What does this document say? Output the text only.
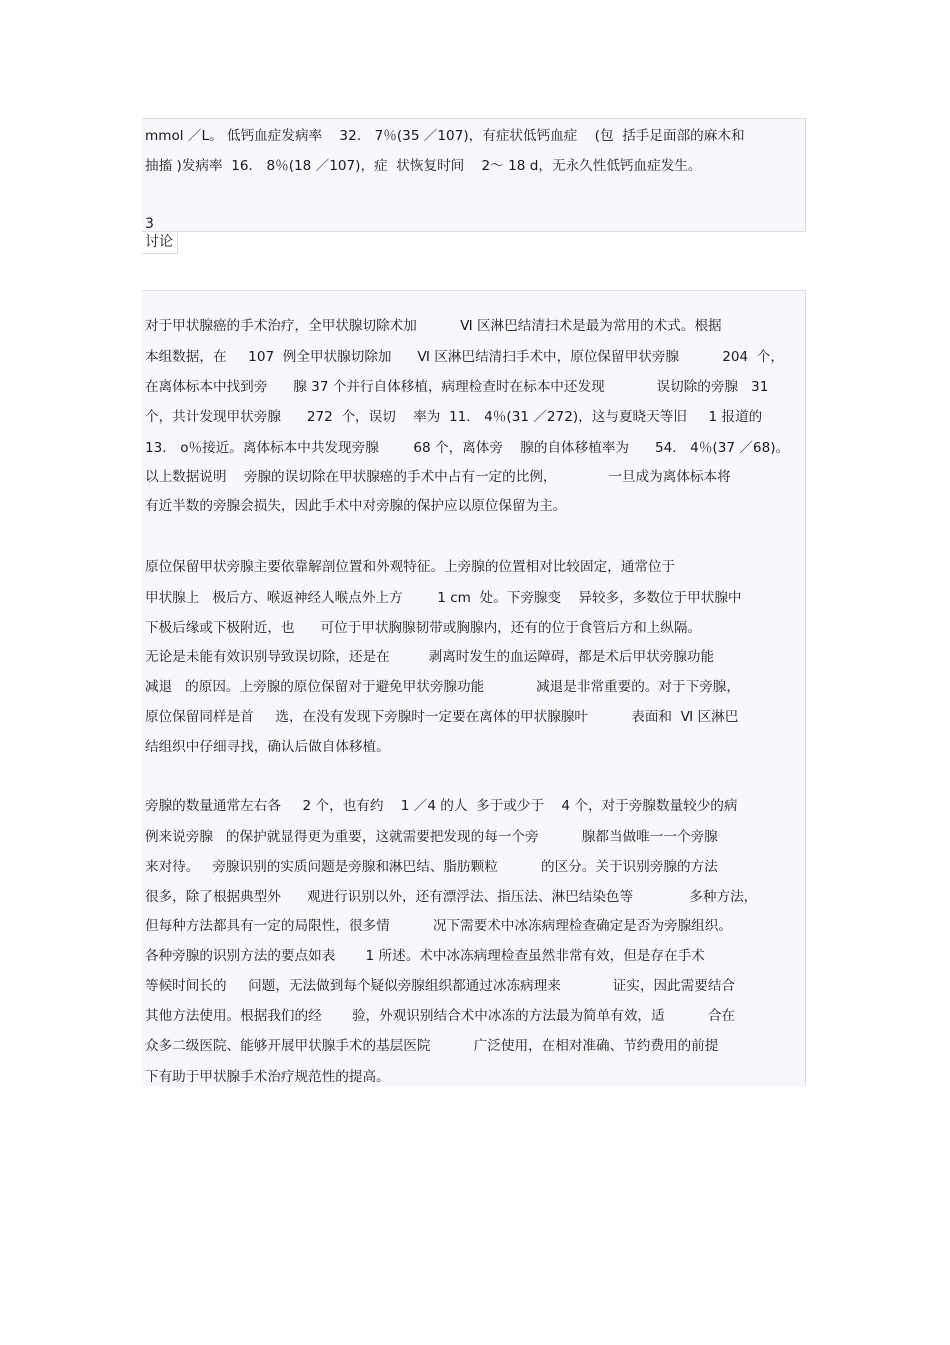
mmol ／L。 低钙血症发病率    32． 7％(35 ／107)，有症状低钙血症    (包  括手足面部的麻木和
抽搐 )发病率  16． 8％(18 ／107)，症  状恢复时间    2～ 18 d，无永久性低钙血症发生。
3
讨论
对于甲状腺癌的手术治疗，全甲状腺切除术加          Ⅵ 区淋巴结清扫术是最为常用的术式。根据
本组数据，在     107  例全甲状腺切除加      Ⅵ 区淋巴结清扫手术中，原位保留甲状旁腺          204  个，
在离体标本中找到旁      腺 37 个并行自体移植，病理检查时在标本中还发现            误切除的旁腺   31
个，共计发现甲状旁腺      272  个，误切    率为  11． 4％(31 ／272)，这与夏晓天等旧     1 报道的
13． o％接近。离体标本中共发现旁腺        68 个，离体旁    腺的自体移植率为      54． 4％(37 ／68)。
以上数据说明    旁腺的误切除在甲状腺癌的手术中占有一定的比例，            一旦成为离体标本将
有近半数的旁腺会损失，因此手术中对旁腺的保护应以原位保留为主。
原位保留甲状旁腺主要依靠解剖位置和外观特征。上旁腺的位置相对比较固定，通常位于
甲状腺上   极后方、喉返神经人喉点外上方        1 cm  处。下旁腺变    异较多，多数位于甲状腺中
下极后缘或下极附近，也      可位于甲状胸腺韧带或胸腺内，还有的位于食管后方和上纵隔。
无论是未能有效识别导致误切除，还是在         剥离时发生的血运障碍，都是术后甲状旁腺功能
减退   的原因。上旁腺的原位保留对于避免甲状旁腺功能            减退是非常重要的。对于下旁腺，
原位保留同样是首     选，在没有发现下旁腺时一定要在离体的甲状腺腺叶          表面和  Ⅵ 区淋巴
结组织中仔细寻找，确认后做自体移植。
旁腺的数量通常左右各     2 个，也有约    1 ／4 的人  多于或少于    4 个，对于旁腺数量较少的病
例来说旁腺   的保护就显得更为重要，这就需要把发现的每一个旁          腺都当做唯一一个旁腺
来对待。   旁腺识别的实质问题是旁腺和淋巴结、脂肪颗粒          的区分。关于识别旁腺的方法
很多，除了根据典型外      观进行识别以外，还有漂浮法、指压法、淋巴结染色等             多种方法，
但每种方法都具有一定的局限性，很多情          况下需要术中冰冻病理检查确定是否为旁腺组织。
各种旁腺的识别方法的要点如表       1 所述。术中冰冻病理检查虽然非常有效，但是存在手术
等候时间长的     问题，无法做到每个疑似旁腺组织都通过冰冻病理来            证实，因此需要结合
其他方法使用。根据我们的经       验，外观识别结合术中冰冻的方法最为简单有效，适          合在
众多二级医院、能够开展甲状腺手术的基层医院          广泛使用，在相对准确、节约费用的前提
下有助于甲状腺手术治疗规范性的提高。
